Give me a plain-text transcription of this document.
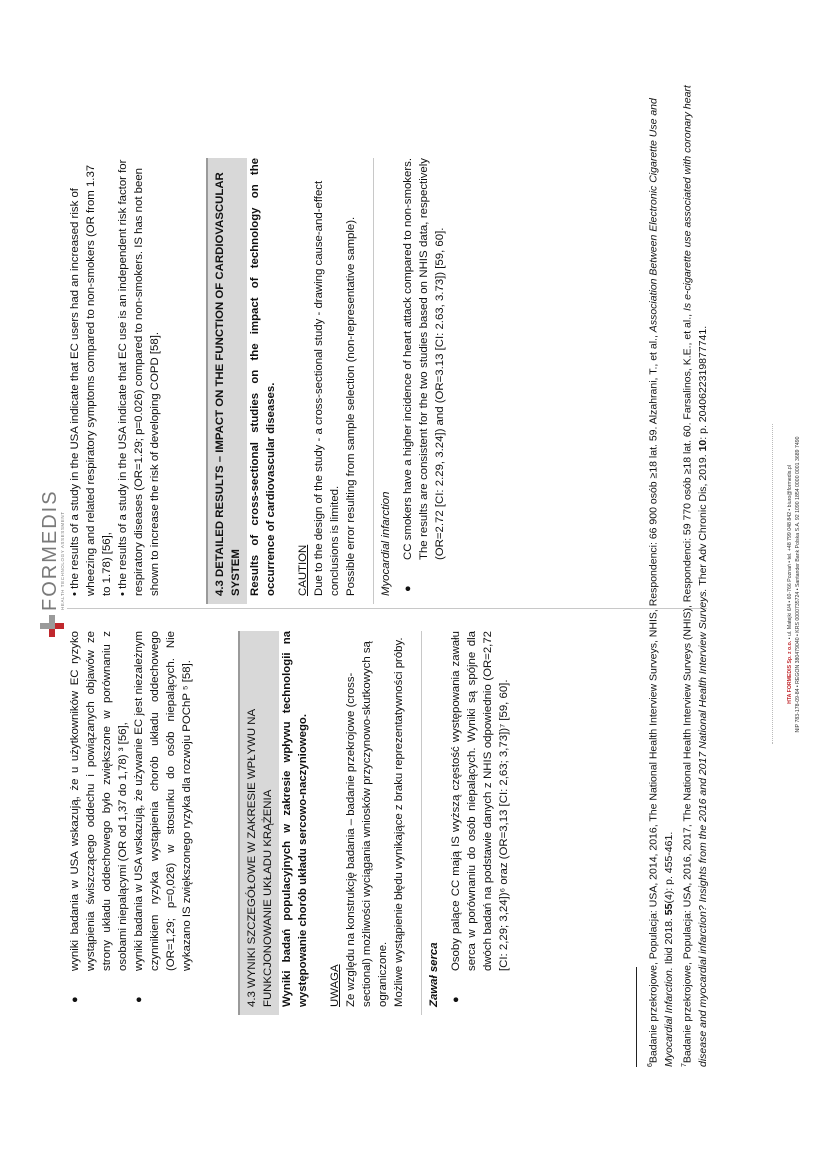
FORMEDIS HEALTH TECHNOLOGY ASSESSMENT
●

wyniki badania w USA wskazują, że u użytkowników EC ryzyko wystąpienia świszczącego oddechu i powiązanych objawów ze strony układu oddechowego było zwiększone w porównaniu z osobami niepalącymi (OR od 1,37 do 1,78) ³ [56],

●

wyniki badania w USA wskazują, że używanie EC jest niezależnym czynnikiem ryzyka wystąpienia chorób układu oddechowego (OR=1,29; p=0,026) w stosunku do osób niepalących. Nie wykazano IS zwiększonego ryzyka dla rozwoju POChP ⁵ [58].	4.3 WYNIKI SZCZEGÓŁOWE W ZAKRESIE WPŁYWU NA FUNKCJONOWANIE UKŁADU KRĄŻENIA Wyniki badań populacyjnych w zakresie wpływu technologii na występowanie chorób układu sercowo-naczyniowego. UWAGA Ze względu na konstrukcję badania – badanie przekrojowe (cross-sectional) możliwości wyciągania wniosków przyczynowo-skutkowych są ograniczone. Możliwe wystąpienie błędu wynikające z braku reprezentatywności próby. Zawał serca ●

Osoby palące CC mają IS wyższą częstość występowania zawału serca w porównaniu do osób niepalących. Wyniki są spójne dla dwóch badań na podstawie danych z NHIS odpowiednio (OR=2,72 [CI: 2,29; 3,24])⁶ oraz (OR=3,13 [CI: 2,63; 3,73])⁷ [59, 60].

• the results of a study in the USA indicate that EC users had an increased risk of wheezing and related respiratory symptoms compared to non-smokers (OR from 1.37 to 1.78) [56], • the results of a study in the USA indicate that EC use is an independent risk factor for respiratory diseases (OR=1.29; p=0.026) compared to non-smokers. IS has not been shown to increase the risk of developing COPD [58].	4.3 DETAILED RESULTS – IMPACT ON THE FUNCTION OF CARDIOVASCULAR SYSTEM Results of cross-sectional studies on the impact of technology on the occurrence of cardiovascular diseases. CAUTION Due to the design of the study - a cross-sectional study - drawing cause-and-effect conclusions is limited. Possible error resulting from sample selection (non-representative sample). Myocardial infarction ●

CC smokers have a higher incidence of heart attack compared to non-smokers. The results are consistent for the two studies based on NHIS data, respectively (OR=2.72 [CI: 2.29, 3.24]) and (OR=3.13 [CI: 2.63, 3.73]) [59, 60].

$^6$Badanie przekrojowe, Populacja: USA, 2014, 2016, The National Health Interview Surveys, NHIS, Respondenci: 66 900 osób ≥18 lat. 59. Alzahrani, T., et al., Association Between Electronic Cigarette Use and Myocardial Infarction. Ibid 2018. 55(4): p. 455-461.

$^7$Badanie przekrojowe, Populacja: USA, 2016, 2017, The National Health Interview Surveys (NHIS), Respondenci: 59 770 osób ≥18 lat. 60. Farsalinos, K.E., et al., Is e-cigarette use associated with coronary heart disease and myocardial infarction? Insights from the 2016 and 2017 National Health Interview Surveys. Ther Adv Chronic Dis, 2019. 10: p. 2040622319877741.

HTA FORMEDIS Sp. z o.o. • ul. Matejki 6/4 • 60-766 Poznań • tel. +48 799 048 842 • biuro@formedis.pl NIP 783-178-09-84 • REGON 380479040 • KRS 0000735724 • Santander Bank Polska S.A. 92 1090 1854 0000 0001 3689 7490
